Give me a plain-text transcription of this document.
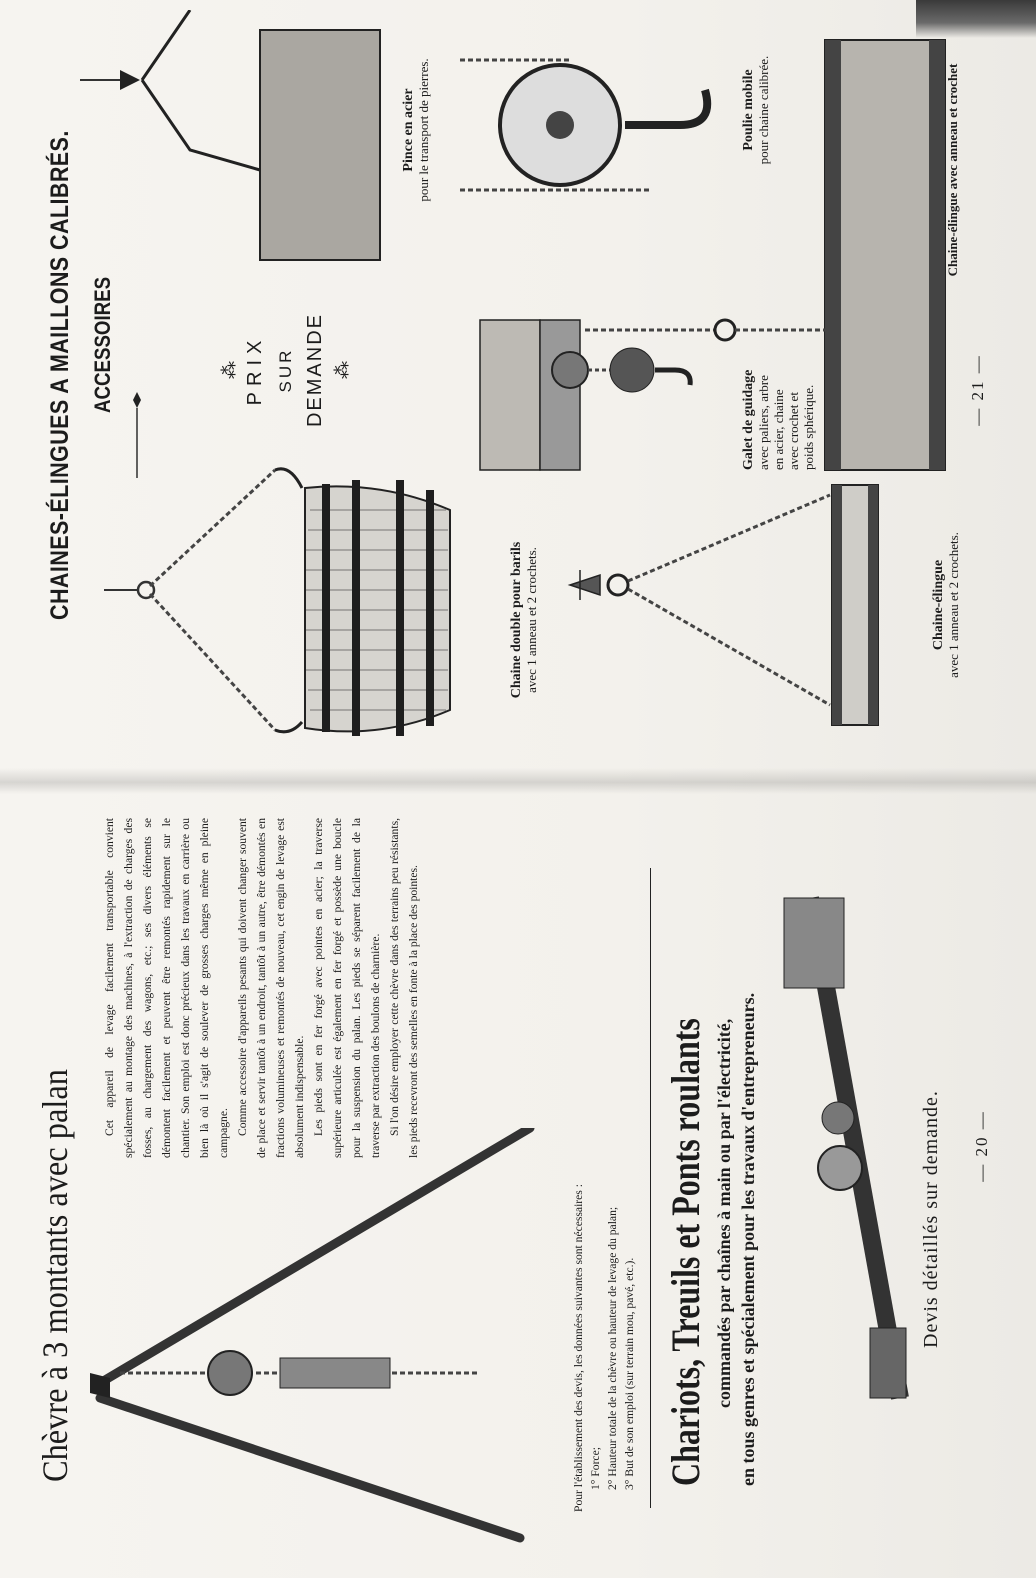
CHAINES-ÉLINGUES A MAILLONS CALIBRÉS. ACCESSOIRES	⁂ PRIX SUR DEMANDE ⁂
Chaine double pour barils
avec 1 anneau et 2 crochets.	Chaine-élingue
avec 1 anneau et 2 crochets.
Galet de guidage
avec paliers, arbre
en acier, chaine
avec crochet et
poids sphérique.
Chaine-élingue avec anneau et crochet
Pince en acier
pour le transport de pierres.	Poulie mobile
pour chaine calibrée.
— 21 —
Chèvre à 3 montants avec palan

Cet appareil de levage facilement transportable convient spécialement au montage des machines, à l'extraction de charges des fosses, au chargement des wagons, etc.; ses divers éléments se démontent facilement et peuvent être remontés rapidement sur le chantier. Son emploi est donc précieux dans les travaux en carrière ou bien là où il s'agit de soulever de grosses charges même en pleine campagne. Comme accessoire d'appareils pesants qui doivent changer souvent de place et servir tantôt à un endroit, tantôt à un autre, être démontés en fractions volumineuses et remontés de nouveau, cet engin de levage est absolument indispensable. Les pieds sont en fer forgé avec pointes en acier; la traverse supérieure articulée est également en fer forgé et possède une boucle pour la suspension du palan. Les pieds se séparent facilement de la traverse par extraction des boulons de charnière. Si l'on désire employer cette chèvre dans des terrains peu résistants, les pieds recevront des semelles en fonte à la place des pointes.

Pour l'établissement des devis, les données suivantes sont nécessaires : 1° Force; 2° Hauteur totale de la chèvre ou hauteur de levage du palan; 3° But de son emploi (sur terrain mou, pavé, etc.). Chariots, Treuils et Ponts roulants commandés par chaînes à main ou par l'électricité, en tous genres et spécialement pour les travaux d'entrepreneurs.	Devis détaillés sur demande. — 20 —
